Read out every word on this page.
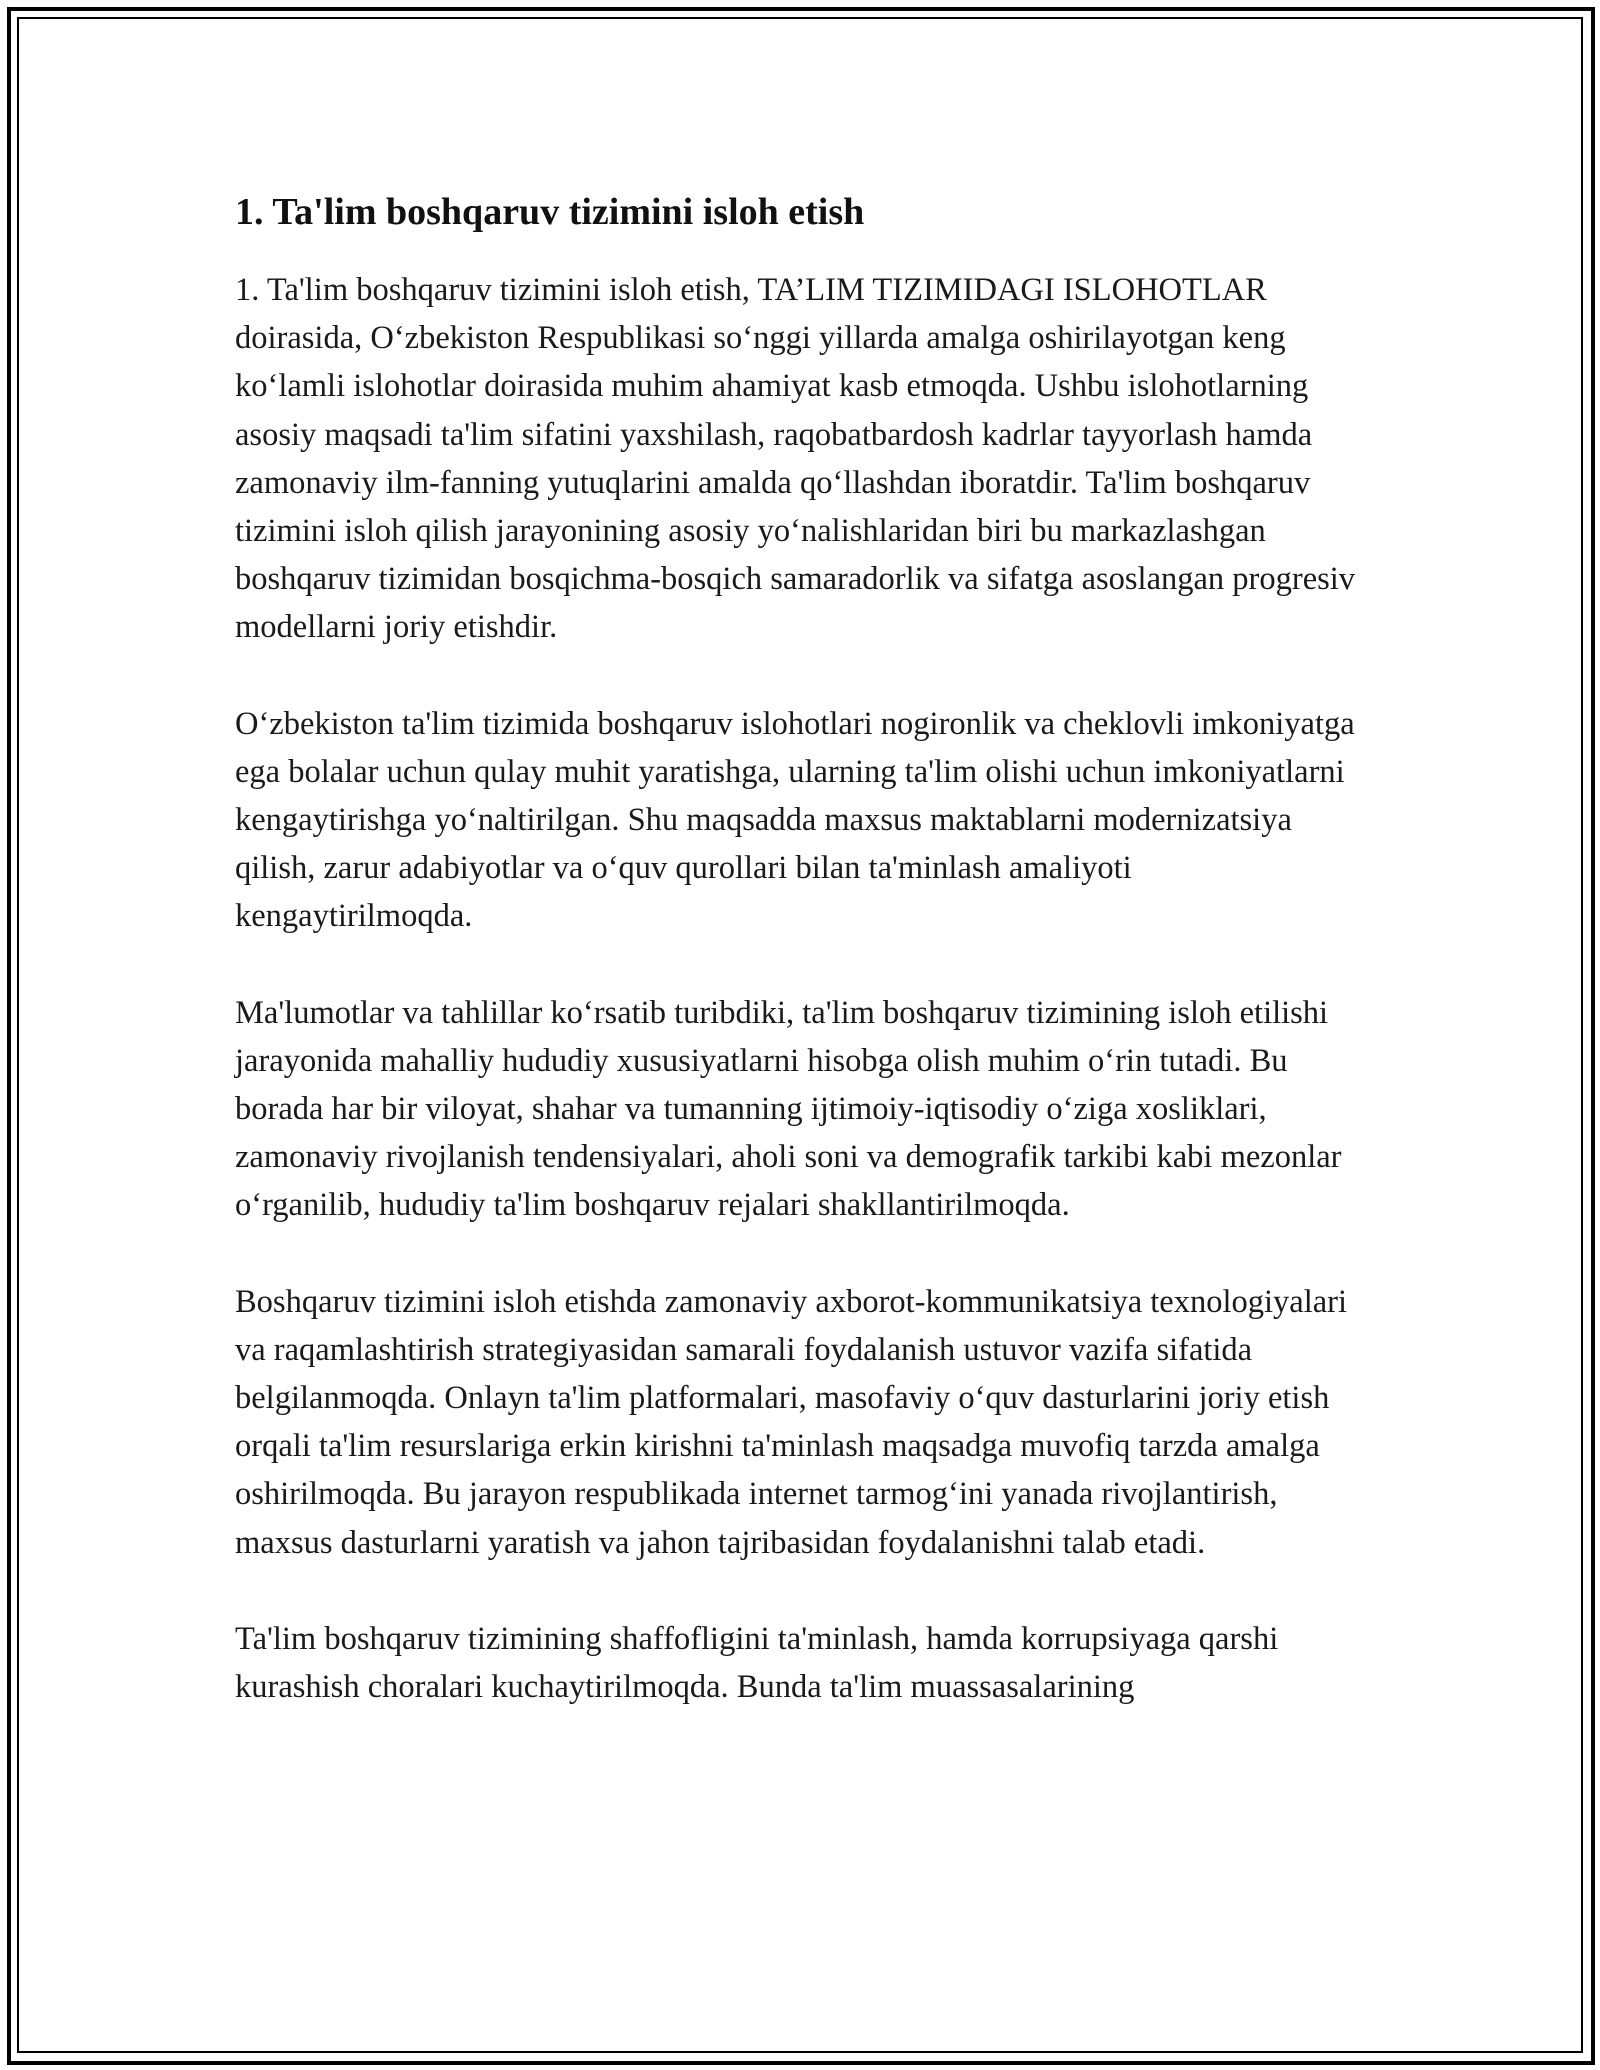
1. Ta'lim boshqaruv tizimini isloh etish

1. Ta'lim boshqaruv tizimini isloh etish, TA’LIM TIZIMIDAGI ISLOHOTLAR doirasida, O‘zbekiston Respublikasi so‘nggi yillarda amalga oshirilayotgan keng ko‘lamli islohotlar doirasida muhim ahamiyat kasb etmoqda. Ushbu islohotlarning asosiy maqsadi ta'lim sifatini yaxshilash, raqobatbardosh kadrlar tayyorlash hamda zamonaviy ilm-fanning yutuqlarini amalda qo‘llashdan iboratdir. Ta'lim boshqaruv tizimini isloh qilish jarayonining asosiy yo‘nalishlaridan biri bu markazlashgan boshqaruv tizimidan bosqichma-bosqich samaradorlik va sifatga asoslangan progresiv modellarni joriy etishdir.

O‘zbekiston ta'lim tizimida boshqaruv islohotlari nogironlik va cheklovli imkoniyatga ega bolalar uchun qulay muhit yaratishga, ularning ta'lim olishi uchun imkoniyatlarni kengaytirishga yo‘naltirilgan. Shu maqsadda maxsus maktablarni modernizatsiya qilish, zarur adabiyotlar va o‘quv qurollari bilan ta'minlash amaliyoti kengaytirilmoqda.

Ma'lumotlar va tahlillar ko‘rsatib turibdiki, ta'lim boshqaruv tizimining isloh etilishi jarayonida mahalliy hududiy xususiyatlarni hisobga olish muhim o‘rin tutadi. Bu borada har bir viloyat, shahar va tumanning ijtimoiy-iqtisodiy o‘ziga xosliklari, zamonaviy rivojlanish tendensiyalari, aholi soni va demografik tarkibi kabi mezonlar o‘rganilib, hududiy ta'lim boshqaruv rejalari shakllantirilmoqda.

Boshqaruv tizimini isloh etishda zamonaviy axborot-kommunikatsiya texnologiyalari va raqamlashtirish strategiyasidan samarali foydalanish ustuvor vazifa sifatida belgilanmoqda. Onlayn ta'lim platformalari, masofaviy o‘quv dasturlarini joriy etish orqali ta'lim resurslariga erkin kirishni ta'minlash maqsadga muvofiq tarzda amalga oshirilmoqda. Bu jarayon respublikada internet tarmog‘ini yanada rivojlantirish, maxsus dasturlarni yaratish va jahon tajribasidan foydalanishni talab etadi.

Ta'lim boshqaruv tizimining shaffofligini ta'minlash, hamda korrupsiyaga qarshi kurashish choralari kuchaytirilmoqda. Bunda ta'lim muassasalarining
